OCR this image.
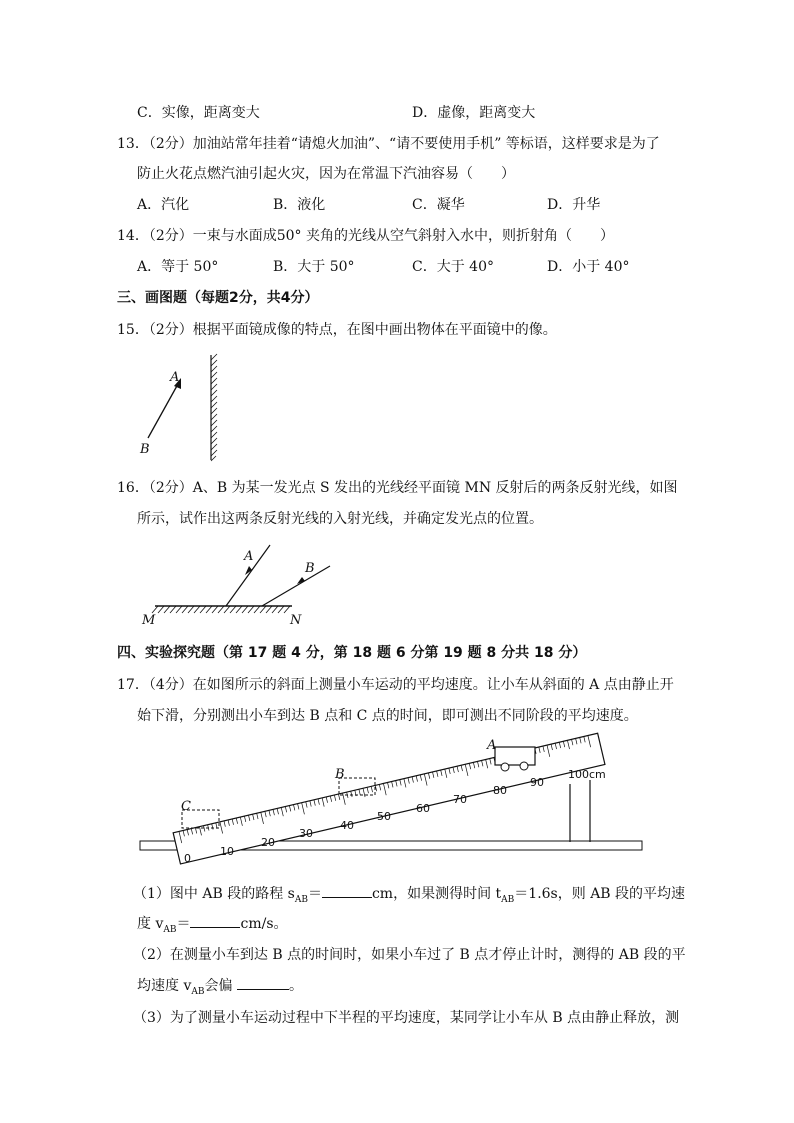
C．实像，距离变大	D．虚像，距离变大
13．（2分）加油站常年挂着“请熄火加油”、“请不要使用手机” 等标语，这样要求是为了
防止火花点燃汽油引起火灾，因为在常温下汽油容易（　　）
A．汽化	B．液化	C．凝华	D．升华
14．（2分）一束与水面成50° 夹角的光线从空气斜射入水中，则折射角（　　）
A．等于 50°	B．大于 50°	C．大于 40°	D．小于 40°
三、画图题（每题2分，共4分）
15．（2分）根据平面镜成像的特点，在图中画出物体在平面镜中的像。
0
10
20
30
40
50
60
70
80
90
100cm
A
B
A
B
M	N
A
B
C
16．（2分）A、B 为某一发光点 S 发出的光线经平面镜 MN 反射后的两条反射光线，如图
所示，试作出这两条反射光线的入射光线，并确定发光点的位置。
四、实验探究题（第 17 题 4 分，第 18 题 6 分第 19 题 8 分共 18 分）
17．（4分）在如图所示的斜面上测量小车运动的平均速度。让小车从斜面的 A 点由静止开
始下滑，分别测出小车到达 B 点和 C 点的时间，即可测出不同阶段的平均速度。
（1）图中 AB 段的路程 $s_{AB}=$	cm，如果测得时间 $t_{AB}=1.6s$，则 AB 段的平均速
度 $v_{AB}=$	cm/s。
（2）在测量小车到达 B 点的时间时，如果小车过了 B 点才停止计时，测得的 AB 段的平
均速度 $v_{AB}$会偏	。
（3）为了测量小车运动过程中下半程的平均速度，某同学让小车从 B 点由静止释放，测
